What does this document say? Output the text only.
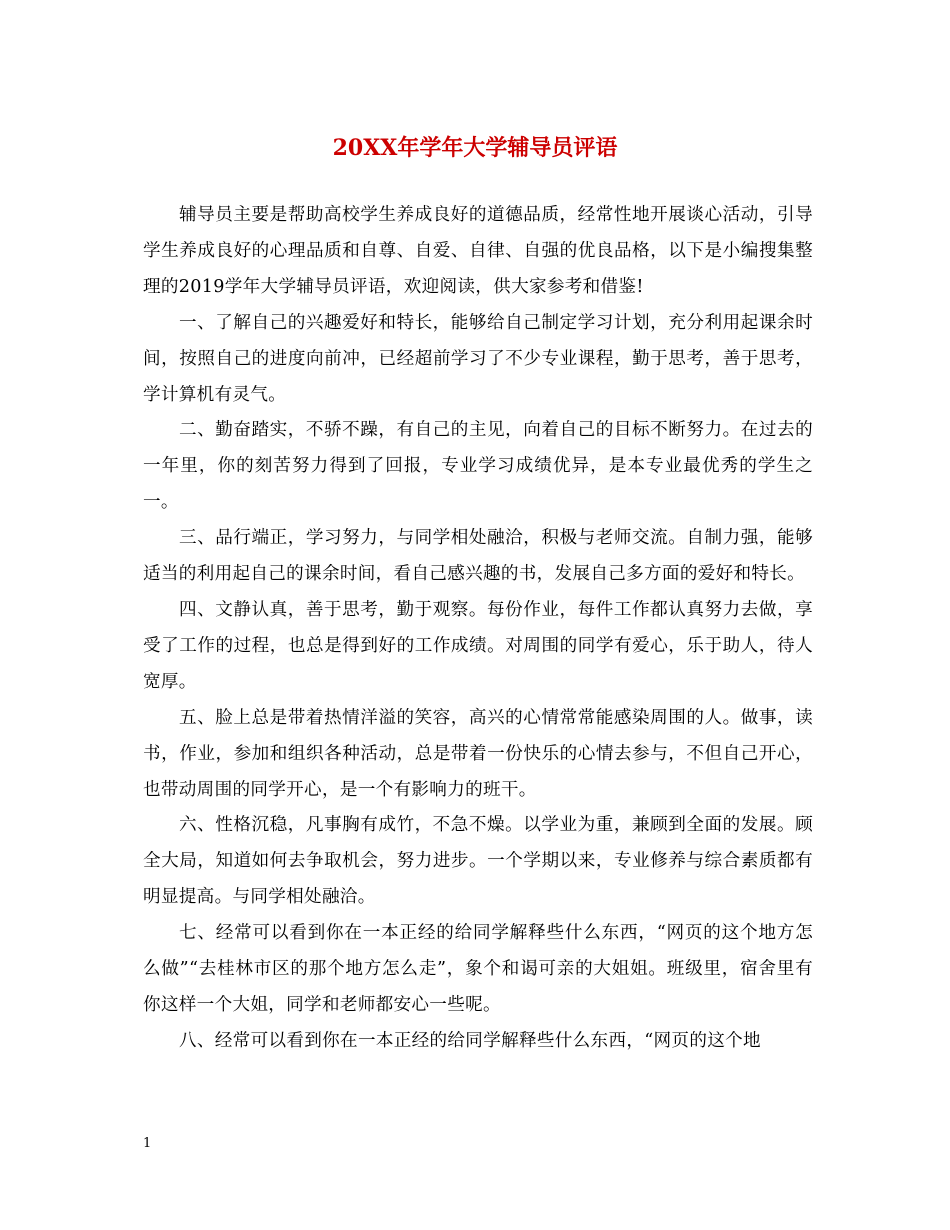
20XX年学年大学辅导员评语

辅导员主要是帮助高校学生养成良好的道德品质，经常性地开展谈心活动，引导学生养成良好的心理品质和自尊、自爱、自律、自强的优良品格，以下是小编搜集整理的2019学年大学辅导员评语，欢迎阅读，供大家参考和借鉴!

一、了解自己的兴趣爱好和特长，能够给自己制定学习计划，充分利用起课余时间，按照自己的进度向前冲，已经超前学习了不少专业课程，勤于思考，善于思考，学计算机有灵气。

二、勤奋踏实，不骄不躁，有自己的主见，向着自己的目标不断努力。在过去的一年里，你的刻苦努力得到了回报，专业学习成绩优异，是本专业最优秀的学生之一。

三、品行端正，学习努力，与同学相处融洽，积极与老师交流。自制力强，能够适当的利用起自己的课余时间，看自己感兴趣的书，发展自己多方面的爱好和特长。

四、文静认真，善于思考，勤于观察。每份作业，每件工作都认真努力去做，享受了工作的过程，也总是得到好的工作成绩。对周围的同学有爱心，乐于助人，待人宽厚。

五、脸上总是带着热情洋溢的笑容，高兴的心情常常能感染周围的人。做事，读书，作业，参加和组织各种活动，总是带着一份快乐的心情去参与，不但自己开心，也带动周围的同学开心，是一个有影响力的班干。

六、性格沉稳，凡事胸有成竹，不急不燥。以学业为重，兼顾到全面的发展。顾全大局，知道如何去争取机会，努力进步。一个学期以来，专业修养与综合素质都有明显提高。与同学相处融洽。

七、经常可以看到你在一本正经的给同学解释些什么东西，“网页的这个地方怎么做”“去桂林市区的那个地方怎么走”，象个和谒可亲的大姐姐。班级里，宿舍里有你这样一个大姐，同学和老师都安心一些呢。

八、经常可以看到你在一本正经的给同学解释些什么东西，“网页的这个地

1
